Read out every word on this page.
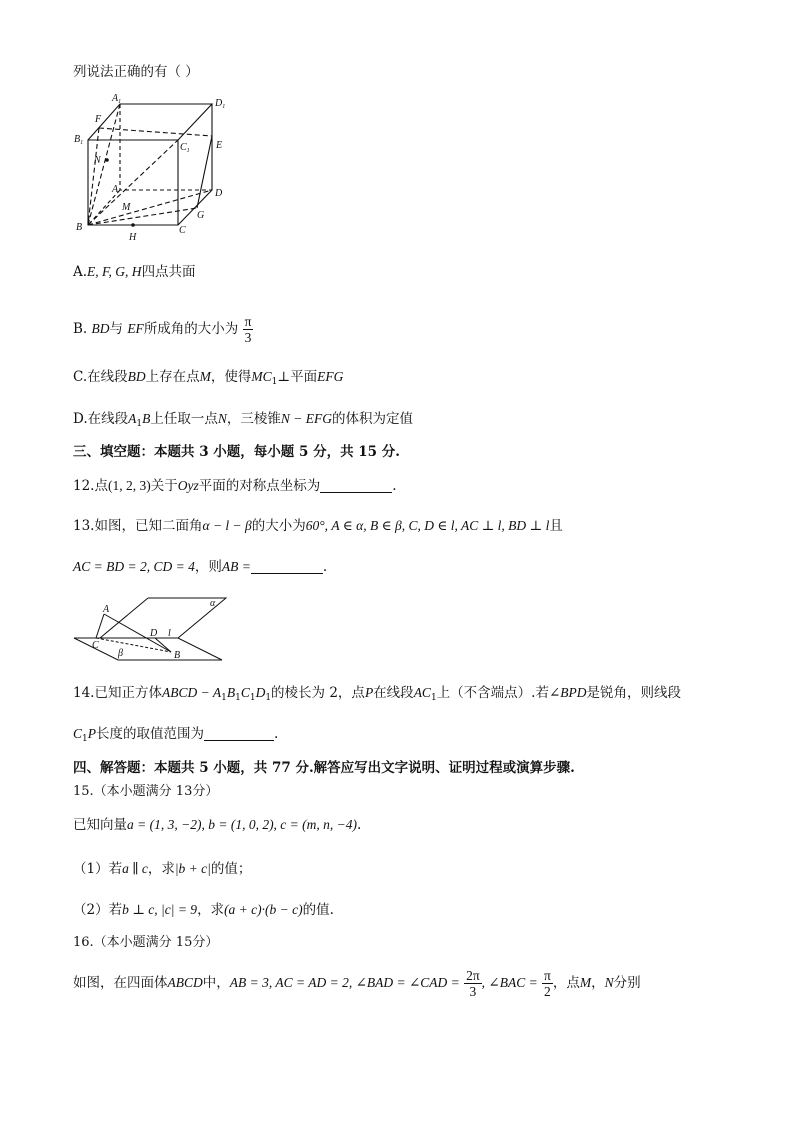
列说法正确的有（ ）
$A_1$	$D_1$
$B_1$	$C_1$
F
E
N
A	D
M
G
B	C
H
A.E, F, G, H四点共面
B. BD与 EF所成角的大小为 $\frac{\pi}{3}$
C.在线段BD上存在点M，使得$MC_1\perp$平面EFG
D.在线段$A_1B$上任取一点N，三棱锥N − EFG的体积为定值
三、填空题：本题共 3 小题，每小题 5 分，共 15 分.
12.点(1, 2, 3)关于Oyz平面的对称点坐标为	.
13.如图，已知二面角α − l − β的大小为60°, A ∈ α, B ∈ β, C, D ∈ l, AC ⊥ l, BD ⊥ l且
AC = BD = 2, CD = 4，则AB =	.
α
A
D l
C
β	B
14.已知正方体ABCD − $A_1B_1C_1D_1$的棱长为 2，点P在线段$AC_1$上（不含端点）.若∠BPD是锐角，则线段
$C_1P$长度的取值范围为	.
四、解答题：本题共 5 小题，共 77 分.解答应写出文字说明、证明过程或演算步骤.
15.（本小题满分 13分）
已知向量a = (1, 3, −2), b = (1, 0, 2), c = (m, n, −4).
（1）若a ∥ c，求|b + c|的值；
（2）若b ⊥ c, |c| = 9，求(a + c)·(b − c)的值.
16.（本小题满分 15分）
如图，在四面体ABCD中，AB = 3, AC = AD = 2, ∠BAD = ∠CAD = $\frac{2\pi}{3}$ , ∠BAC = $\frac{\pi}{2}$ ，点M，N分别
